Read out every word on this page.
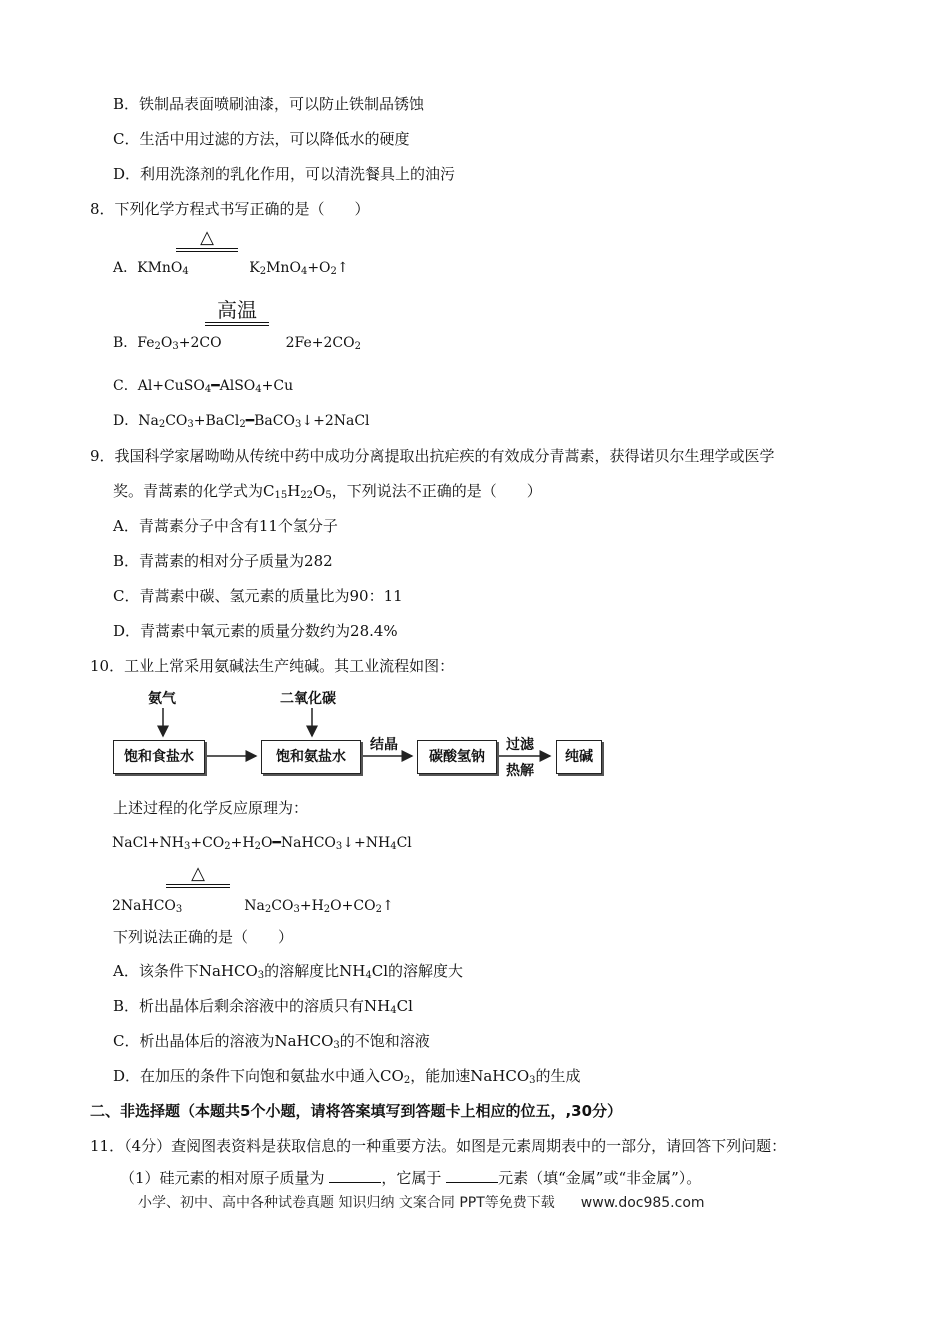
B．铁制品表面喷刷油漆，可以防止铁制品锈蚀
C．生活中用过滤的方法，可以降低水的硬度
D．利用洗涤剂的乳化作用，可以清洗餐具上的油污
8．下列化学方程式书写正确的是（　　）
△
A．KMnO$_4$	$K_2MnO_4+O_2↑$
高温
B．$Fe_2O_3+2CO$	$2Fe+2CO_2$
C．Al+CuSO$_4$━AlSO$_4$+Cu
D．$Na_2CO_3+BaCl_2━BaCO_3↓+2NaCl$
9．我国科学家屠呦呦从传统中药中成功分离提取出抗疟疾的有效成分青蒿素，获得诺贝尔生理学或医学
奖。青蒿素的化学式为$C_{15}H_{22}O_5$，下列说法不正确的是（　　）
A．青蒿素分子中含有11个氢分子
B．青蒿素的相对分子质量为282
C．青蒿素中碳、氢元素的质量比为90：11
D．青蒿素中氧元素的质量分数约为28.4%
10．工业上常采用氨碱法生产纯碱。其工业流程如图：
氨气	二氧化碳
饱和食盐水	饱和氨盐水
结晶
碳酸氢钠
过滤
热解
纯碱
上述过程的化学反应原理为：
$NaCl+NH_3+CO_2+H_2O━NaHCO_3↓+NH_4Cl$
△
2NaHCO$_3$	$Na_2CO_3+H_2O+CO_2↑$
下列说法正确的是（　　）
A．该条件下NaHCO$_3$的溶解度比$NH_4Cl$的溶解度大
B．析出晶体后剩余溶液中的溶质只有$NH_4Cl$
C．析出晶体后的溶液为NaHCO$_3$的不饱和溶液
D．在加压的条件下向饱和氨盐水中通入$CO_2$，能加速NaHCO$_3$的生成
二、非选择题（本题共5个小题，请将答案填写到答题卡上相应的位五，,30分）
11．（4分）查阅图表资料是获取信息的一种重要方法。如图是元素周期表中的一部分，请回答下列问题：
（1）硅元素的相对原子质量为	，它属于	元素（填“金属”或“非金属”）。
小学、初中、高中各种试卷真题 知识归纳 文案合同 PPT等免费下载 www.doc985.com
